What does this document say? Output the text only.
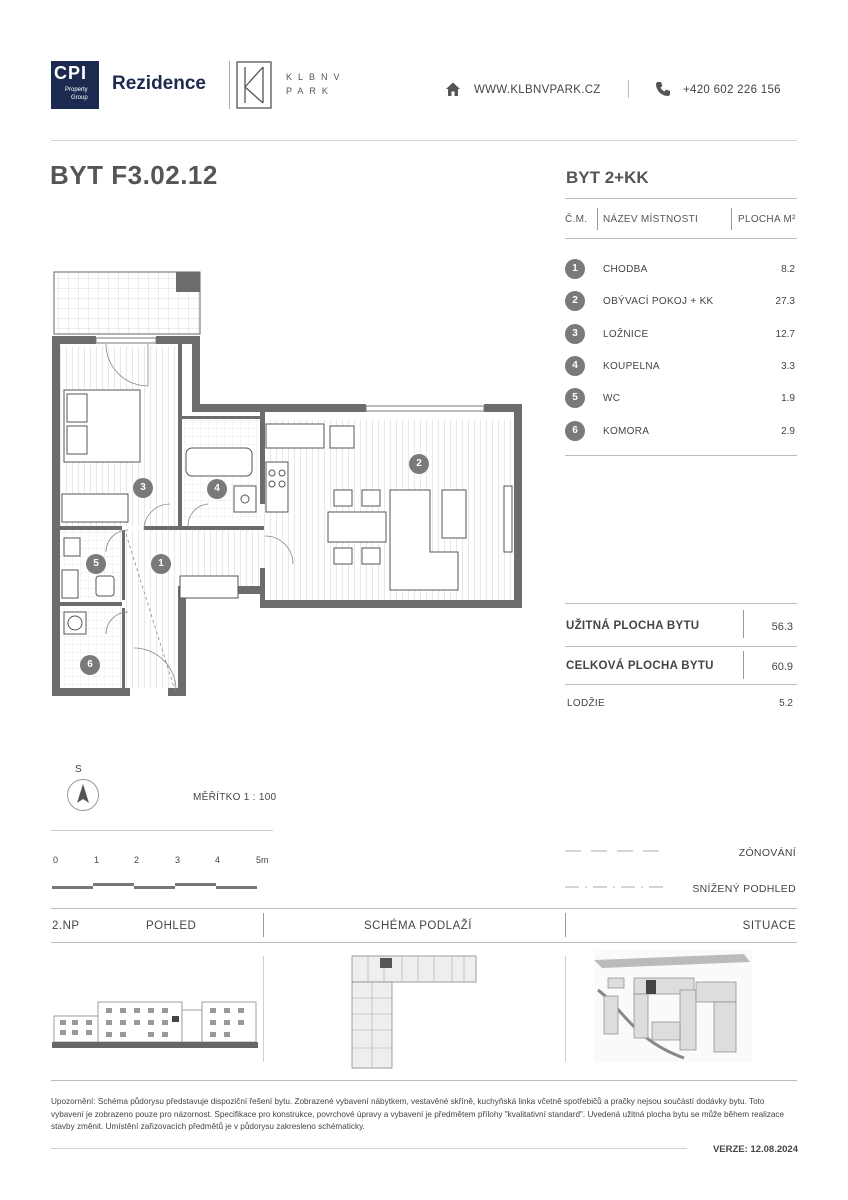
CPI
Property
Group
Rezidence	KLBNV
PARK	WWW.KLBNVPARK.CZ	+420 602 226 156
BYT F3.02.12	BYT 2+KK
Č.M. NÁZEV MÍSTNOSTI	PLOCHA M²
1	CHODBA	8.2
2	OBÝVACÍ POKOJ + KK	27.3
3	LOŽNICE	12.7
4	KOUPELNA	3.3
5	WC	1.9
6	KOMORA	2.9
UŽITNÁ PLOCHA BYTU	56.3
CELKOVÁ PLOCHA BYTU	60.9
LODŽIE	5.2
3	4
2
1
5
6
S
MĚŘÍTKO 1 : 100
0	1	2	3	4	5m
ZÓNOVÁNÍ
SNÍŽENÝ PODHLED
2.NP	POHLED	SCHÉMA PODLAŽÍ	SITUACE
Upozornění: Schéma půdorysu představuje dispoziční řešení bytu. Zobrazené vybavení nábytkem, vestavěné skříně, kuchyňská linka včetně spotřebičů a pračky nejsou součástí dodávky bytu. Toto vybavení je zobrazeno pouze pro názornost. Specifikace pro konstrukce, povrchové úpravy a vybavení je předmětem přílohy "kvalitativní standard". Uvedená užitná plocha bytu se může během realizace stavby změnit. Umístění zařizovacích předmětů je v půdorysu zakresleno schématicky.
VERZE: 12.08.2024
